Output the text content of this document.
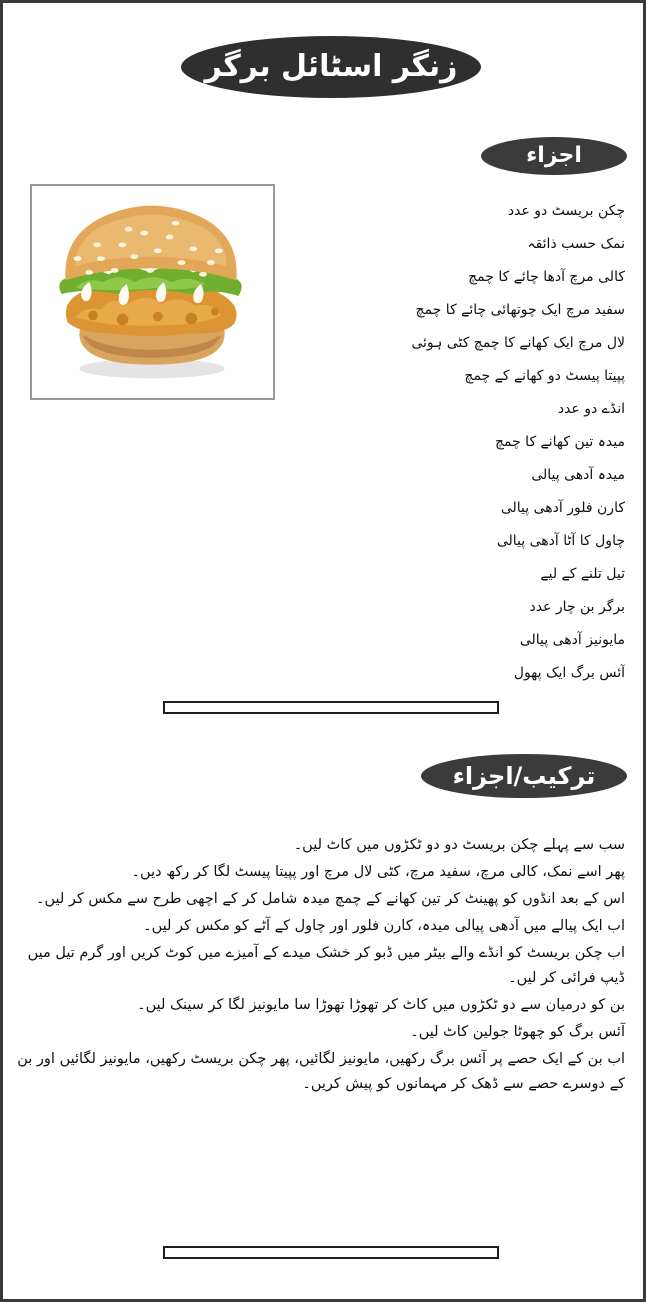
زنگر اسٹائل برگر
اجزاء
چکن بریسٹ دو عدد
نمک حسب ذائقہ
کالی مرچ آدھا چائے کا چمچ
سفید مرچ ایک چوتھائی چائے کا چمچ
لال مرچ ایک کھانے کا چمچ کٹی ہوئی
پپیتا پیسٹ دو کھانے کے چمچ
انڈے دو عدد
میدہ تین کھانے کا چمچ
میدہ آدھی پیالی
کارن فلور آدھی پیالی
چاول کا آٹا آدھی پیالی
تیل تلنے کے لیے
برگر بن چار عدد
مایونیز آدھی پیالی
آئس برگ ایک پھول
ترکیب/اجزاء
سب سے پہلے چکن بریسٹ دو دو ٹکڑوں میں کاٹ لیں۔
پھر اسے نمک، کالی مرچ، سفید مرچ، کٹی لال مرچ اور پپیتا پیسٹ لگا کر رکھ دیں۔
اس کے بعد انڈوں کو پھینٹ کر تین کھانے کے چمچ میدہ شامل کر کے اچھی طرح سے مکس کر لیں۔
اب ایک پیالے میں آدھی پیالی میدہ، کارن فلور اور چاول کے آٹے کو مکس کر لیں۔
اب چکن بریسٹ کو انڈے والے بیٹر میں ڈبو کر خشک میدے کے آمیزے میں کوٹ کریں اور گرم تیل میں ڈیپ فرائی کر لیں۔
بن کو درمیان سے دو ٹکڑوں میں کاٹ کر تھوڑا تھوڑا سا مایونیز لگا کر سینک لیں۔
آئس برگ کو چھوٹا جولین کاٹ لیں۔
اب بن کے ایک حصے پر آئس برگ رکھیں، مایونیز لگائیں، پھر چکن بریسٹ رکھیں، مایونیز لگائیں اور بن کے دوسرے حصے سے ڈھک کر مہمانوں کو پیش کریں۔
